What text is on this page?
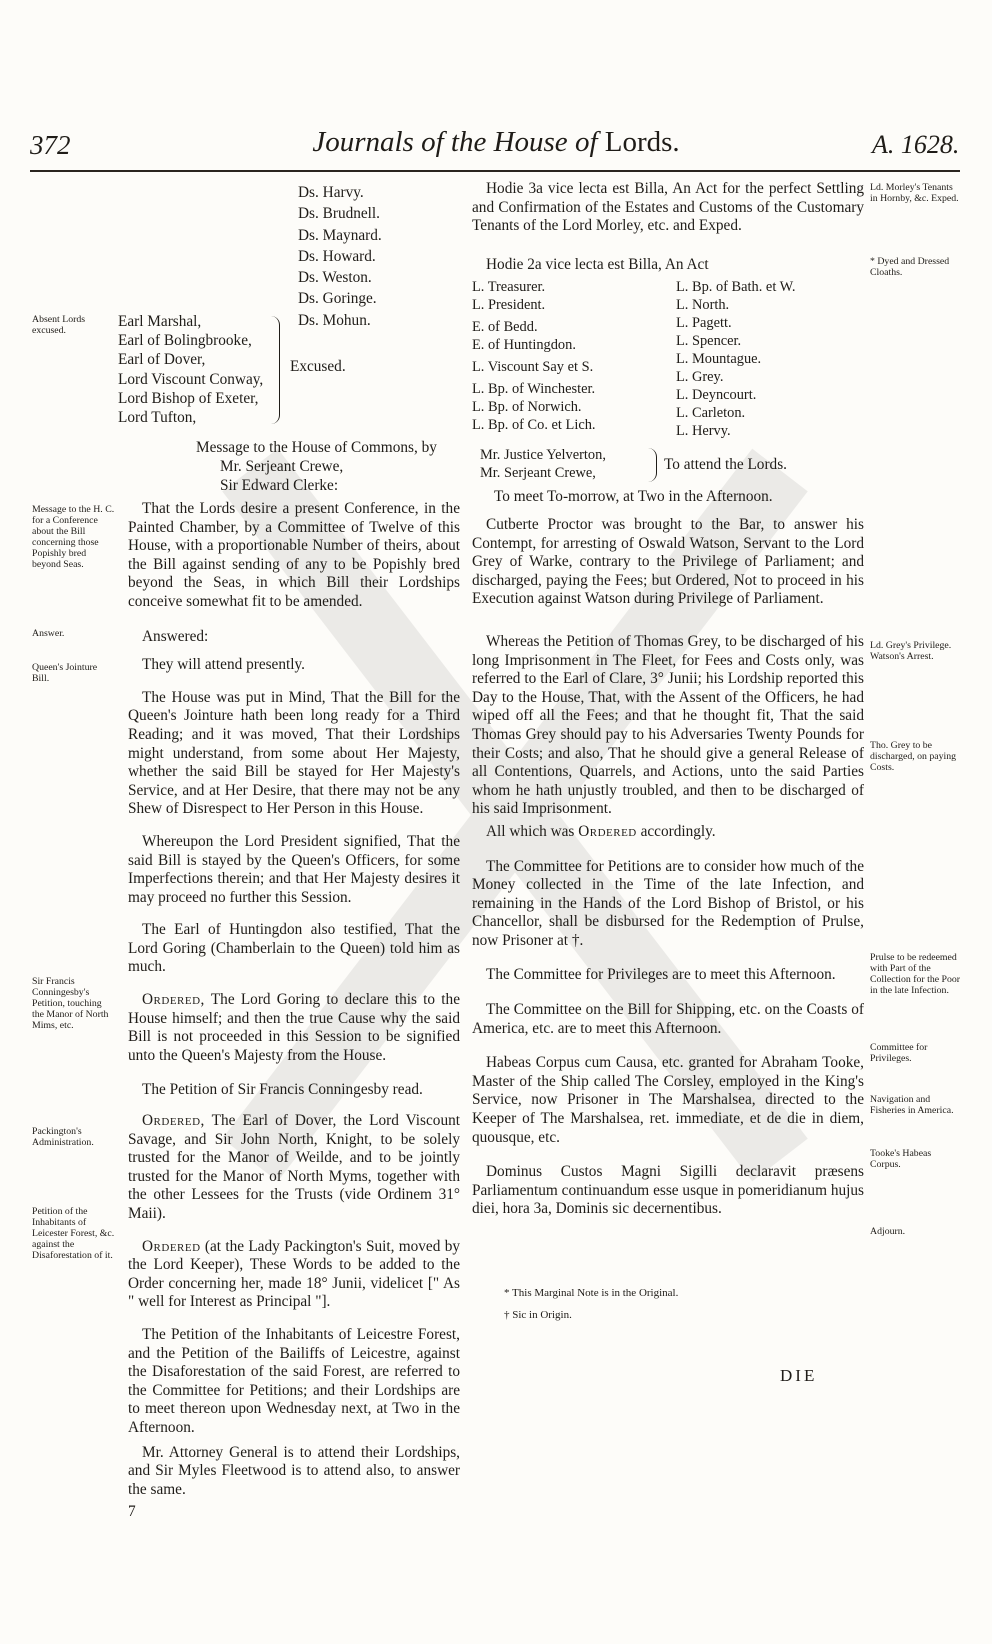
372	Journals of the House of Lords.	A. 1628.
Ds. Harvy.
Ds. Brudnell.
Ds. Maynard.
Ds. Howard.
Ds. Weston.
Ds. Goringe.
Ds. Mohun.
Absent Lords excused.
Earl Marshal,
Earl of Bolingbrooke,
Earl of Dover,
Lord Viscount Conway,
Lord Bishop of Exeter,
Lord Tufton,
Excused.
Message to the House of Commons, by
Mr. Serjeant Crewe,
Sir Edward Clerke:
Message to the H. C. for a Conference about the Bill concerning those Popishly bred beyond Seas.
Answer.
Queen's Jointure Bill.
Sir Francis Conningesby's Petition, touching the Manor of North Mims, etc.
Packington's Administration.
Petition of the Inhabitants of Leicester Forest, &c. against the Disaforestation of it.

That the Lords desire a present Conference, in the Painted Chamber, by a Committee of Twelve of this House, with a proportionable Number of theirs, about the Bill against sending of any to be Popishly bred beyond the Seas, in which Bill their Lordships conceive somewhat fit to be amended.

Answered:

They will attend presently.

The House was put in Mind, That the Bill for the Queen's Jointure hath been long ready for a Third Reading; and it was moved, That their Lordships might understand, from some about Her Majesty, whether the said Bill be stayed for Her Majesty's Service, and at Her Desire, that there may not be any Shew of Disrespect to Her Person in this House.

Whereupon the Lord President signified, That the said Bill is stayed by the Queen's Officers, for some Imperfections therein; and that Her Majesty desires it may proceed no further this Session.

The Earl of Huntingdon also testified, That the Lord Goring (Chamberlain to the Queen) told him as much.

Ordered, The Lord Goring to declare this to the House himself; and then the true Cause why the said Bill is not proceeded in this Session to be signified unto the Queen's Majesty from the House.

The Petition of Sir Francis Conningesby read.

Ordered, The Earl of Dover, the Lord Viscount Savage, and Sir John North, Knight, to be solely trusted for the Manor of Weilde, and to be jointly trusted for the Manor of North Myms, together with the other Lessees for the Trusts (vide Ordinem 31° Maii).

Ordered (at the Lady Packington's Suit, moved by the Lord Keeper), These Words to be added to the Order concerning her, made 18° Junii, videlicet [" As " well for Interest as Principal "].

The Petition of the Inhabitants of Leicestre Forest, and the Petition of the Bailiffs of Leicestre, against the Disaforestation of the said Forest, are referred to the Committee for Petitions; and their Lordships are to meet thereon upon Wednesday next, at Two in the Afternoon.

Mr. Attorney General is to attend their Lordships, and Sir Myles Fleetwood is to attend also, to answer the same.

7

Ld. Morley's Tenants in Hornby, &c. Exped.
* Dyed and Dressed Cloaths.
Ld. Grey's Privilege. Watson's Arrest.
Tho. Grey to be discharged, on paying Costs.
Prulse to be redeemed with Part of the Collection for the Poor in the late Infection.
Committee for Privileges.
Navigation and Fisheries in America.
Tooke's Habeas Corpus.
Adjourn.

Hodie 3a vice lecta est Billa, An Act for the perfect Settling and Confirmation of the Estates and Customs of the Customary Tenants of the Lord Morley, etc. and Exped.

Hodie 2a vice lecta est Billa, An Act

L. Treasurer.
L. President.
E. of Bedd.
E. of Huntingdon.
L. Viscount Say et S.
L. Bp. of Winchester.
L. Bp. of Norwich.
L. Bp. of Co. et Lich.
L. Bp. of Bath. et W.
L. North.
L. Pagett.
L. Spencer.
L. Mountague.
L. Grey.
L. Deyncourt.
L. Carleton.
L. Hervy.
Mr. Justice Yelverton,
Mr. Serjeant Crewe,	To attend the Lords.
To meet To-morrow, at Two in the Afternoon.

Cutberte Proctor was brought to the Bar, to answer his Contempt, for arresting of Oswald Watson, Servant to the Lord Grey of Warke, contrary to the Privilege of Parliament; and discharged, paying the Fees; but Ordered, Not to proceed in his Execution against Watson during Privilege of Parliament.

Whereas the Petition of Thomas Grey, to be discharged of his long Imprisonment in The Fleet, for Fees and Costs only, was referred to the Earl of Clare, 3° Junii; his Lordship reported this Day to the House, That, with the Assent of the Officers, he had wiped off all the Fees; and that he thought fit, That the said Thomas Grey should pay to his Adversaries Twenty Pounds for their Costs; and also, That he should give a general Release of all Contentions, Quarrels, and Actions, unto the said Parties whom he hath unjustly troubled, and then to be discharged of his said Imprisonment.

All which was Ordered accordingly.

The Committee for Petitions are to consider how much of the Money collected in the Time of the late Infection, and remaining in the Hands of the Lord Bishop of Bristol, or his Chancellor, shall be disbursed for the Redemption of Prulse, now Prisoner at †.

The Committee for Privileges are to meet this Afternoon.

The Committee on the Bill for Shipping, etc. on the Coasts of America, etc. are to meet this Afternoon.

Habeas Corpus cum Causa, etc. granted for Abraham Tooke, Master of the Ship called The Corsley, employed in the King's Service, now Prisoner in The Marshalsea, directed to the Keeper of The Marshalsea, ret. immediate, et de die in diem, quousque, etc.

Dominus Custos Magni Sigilli declaravit præsens Parliamentum continuandum esse usque in pomeridianum hujus diei, hora 3a, Dominis sic decernentibus.

* This Marginal Note is in the Original.
† Sic in Origin.
DIE
